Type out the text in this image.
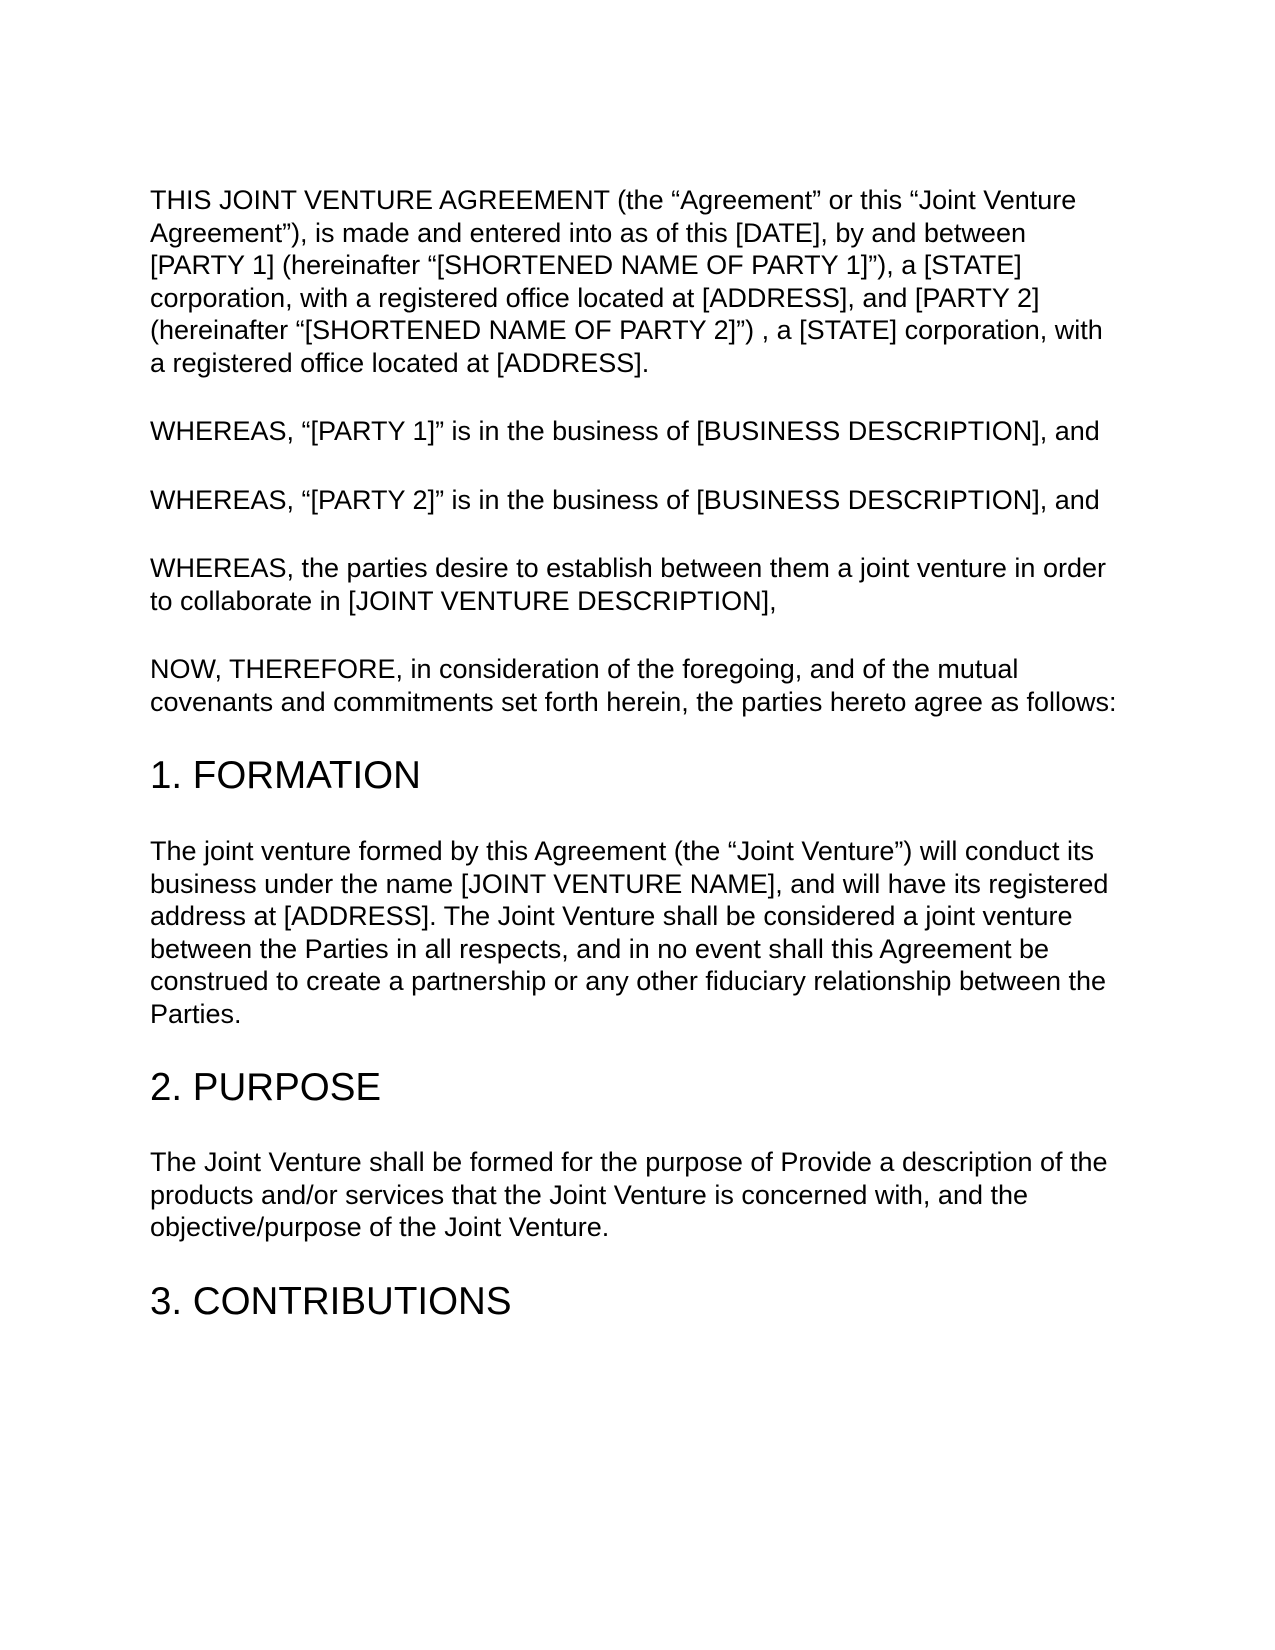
THIS JOINT VENTURE AGREEMENT (the “Agreement” or this “Joint Venture Agreement”), is made and entered into as of this [DATE], by and between [PARTY 1] (hereinafter “[SHORTENED NAME OF PARTY 1]”), a [STATE] corporation, with a registered office located at [ADDRESS], and [PARTY 2] (hereinafter “[SHORTENED NAME OF PARTY 2]”) , a [STATE] corporation, with a registered office located at [ADDRESS].

WHEREAS, “[PARTY 1]” is in the business of [BUSINESS DESCRIPTION], and

WHEREAS, “[PARTY 2]” is in the business of [BUSINESS DESCRIPTION], and

WHEREAS, the parties desire to establish between them a joint venture in order to collaborate in [JOINT VENTURE DESCRIPTION],

NOW, THEREFORE, in consideration of the foregoing, and of the mutual covenants and commitments set forth herein, the parties hereto agree as follows:

1. FORMATION

The joint venture formed by this Agreement (the “Joint Venture”) will conduct its business under the name [JOINT VENTURE NAME], and will have its registered address at [ADDRESS]. The Joint Venture shall be considered a joint venture between the Parties in all respects, and in no event shall this Agreement be construed to create a partnership or any other fiduciary relationship between the Parties.

2. PURPOSE

The Joint Venture shall be formed for the purpose of Provide a description of the products and/or services that the Joint Venture is concerned with, and the objective/purpose of the Joint Venture.

3. CONTRIBUTIONS
